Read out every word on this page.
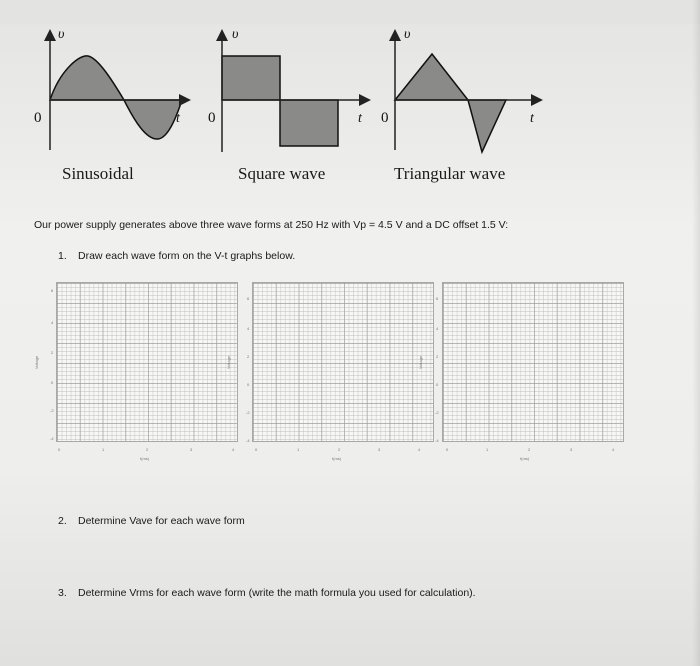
υ
t
0
υ
t
0
υ
t
0
Sinusoidal	Square wave	Triangular wave
Our power supply generates above three wave forms at 250 Hz with Vp = 4.5 V and a DC offset 1.5 V:
1. Draw each wave form on the V-t graphs below.
Voltage
6
4
2
0
-2
-4
0	1	2	3	4
t(ms)
Voltage
6
4
2
0
-2
-4
0	1	2	3	4
t(ms)
Voltage
6
4
2
0
-2
-4
0	1	2	3	4
t(ms)
2. Determine Vave for each wave form
3. Determine Vrms for each wave form (write the math formula you used for calculation).
